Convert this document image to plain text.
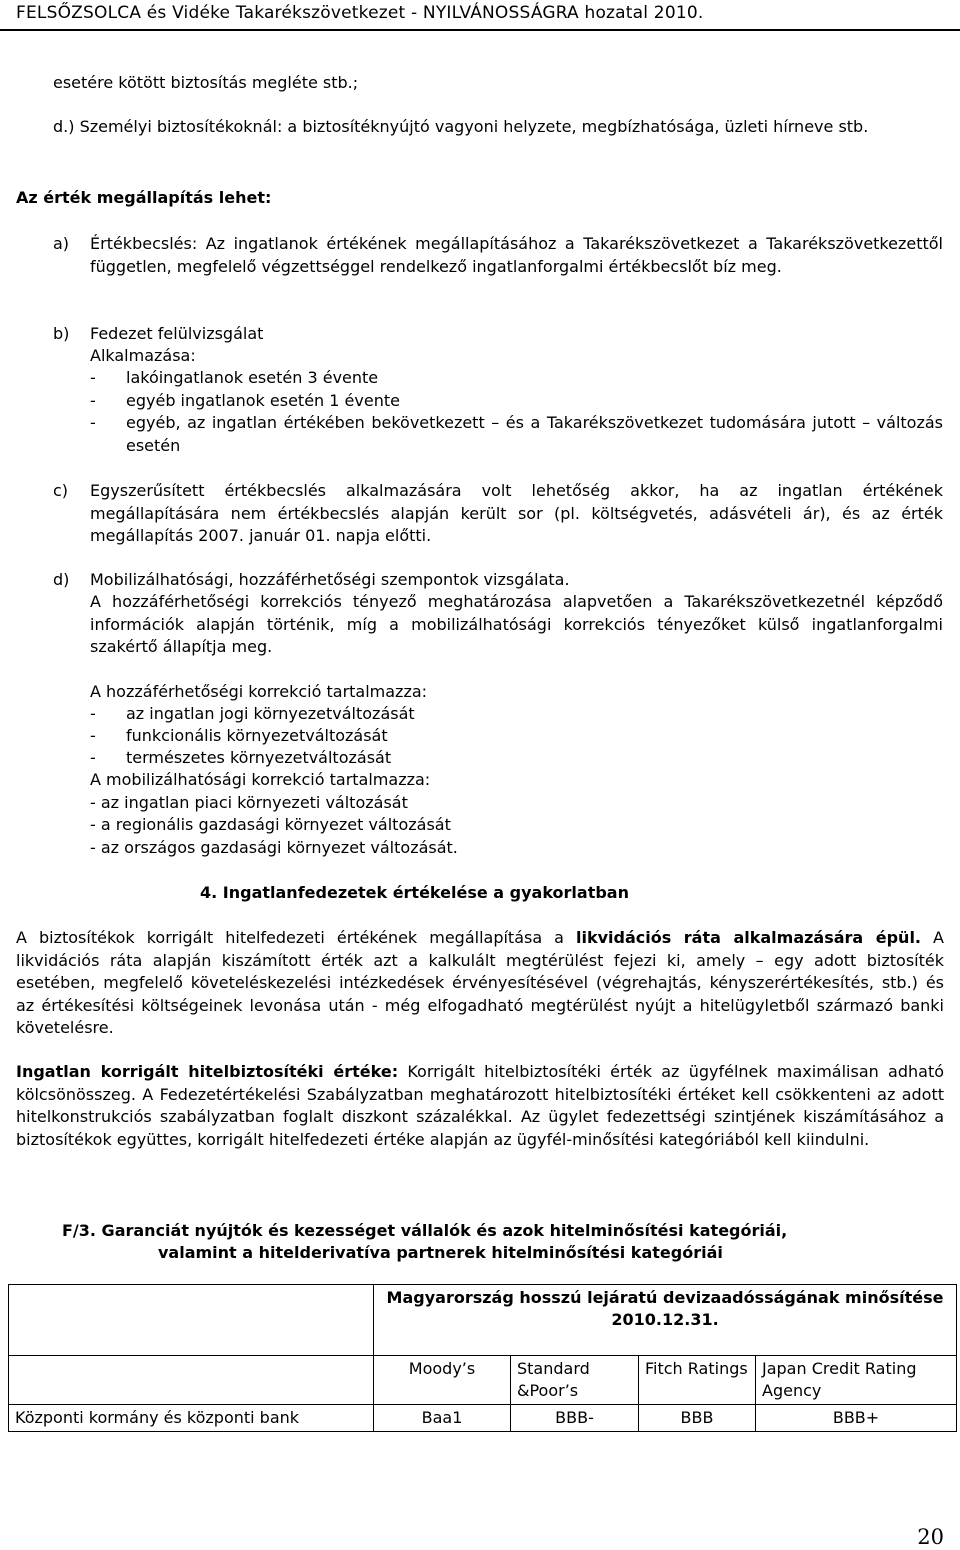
FELSŐZSOLCA és Vidéke Takarékszövetkezet - NYILVÁNOSSÁGRA hozatal 2010.
esetére kötött biztosítás megléte stb.;
d.) Személyi biztosítékoknál: a biztosítéknyújtó vagyoni helyzete, megbízhatósága, üzleti hírneve stb.
Az érték megállapítás lehet:
a) Értékbecslés: Az ingatlanok értékének megállapításához a Takarékszövetkezet a Takarékszövetkezettől független, megfelelő végzettséggel rendelkező ingatlanforgalmi értékbecslőt bíz meg.
b) Fedezet felülvizsgálat
Alkalmazása:
- lakóingatlanok esetén 3 évente
- egyéb ingatlanok esetén 1 évente
- egyéb, az ingatlan értékében bekövetkezett – és a Takarékszövetkezet tudomására jutott – változás esetén
c) Egyszerűsített értékbecslés alkalmazására volt lehetőség akkor, ha az ingatlan értékének megállapítására nem értékbecslés alapján került sor (pl. költségvetés, adásvételi ár), és az érték megállapítás 2007. január 01. napja előtti.
d) Mobilizálhatósági, hozzáférhetőségi szempontok vizsgálata.
A hozzáférhetőségi korrekciós tényező meghatározása alapvetően a Takarékszövetkezetnél képződő információk alapján történik, míg a mobilizálhatósági korrekciós tényezőket külső ingatlanforgalmi szakértő állapítja meg.
A hozzáférhetőségi korrekció tartalmazza:
- az ingatlan jogi környezetváltozását
- funkcionális környezetváltozását
- természetes környezetváltozását
A mobilizálhatósági korrekció tartalmazza:
- az ingatlan piaci környezeti változását
- a regionális gazdasági környezet változását
- az országos gazdasági környezet változását.
4. Ingatlanfedezetek értékelése a gyakorlatban
A biztosítékok korrigált hitelfedezeti értékének megállapítása a likvidációs ráta alkalmazására épül. A likvidációs ráta alapján kiszámított érték azt a kalkulált megtérülést fejezi ki, amely – egy adott biztosíték esetében, megfelelő követeléskezelési intézkedések érvényesítésével (végrehajtás, kényszerértékesítés, stb.) és az értékesítési költségeinek levonása után - még elfogadható megtérülést nyújt a hitelügyletből származó banki követelésre.
Ingatlan korrigált hitelbiztosítéki értéke: Korrigált hitelbiztosítéki érték az ügyfélnek maximálisan adható kölcsönösszeg. A Fedezetértékelési Szabályzatban meghatározott hitelbiztosítéki értéket kell csökkenteni az adott hitelkonstrukciós szabályzatban foglalt diszkont százalékkal. Az ügylet fedezettségi szintjének kiszámításához a biztosítékok együttes, korrigált hitelfedezeti értéke alapján az ügyfél-minősítési kategóriából kell kiindulni.
F/3. Garanciát nyújtók és kezességet vállalók és azok hitelminősítési kategóriái,
valamint a hitelderivatíva partnerek hitelminősítési kategóriái
	Magyarország hosszú lejáratú devizaadósságának minősítése 2010.12.31.			
	Moody’s	Standard &Poor’s	Fitch Ratings	Japan Credit Rating Agency
Központi kormány és központi bank	Baa1	BBB-	BBB	BBB+
20
